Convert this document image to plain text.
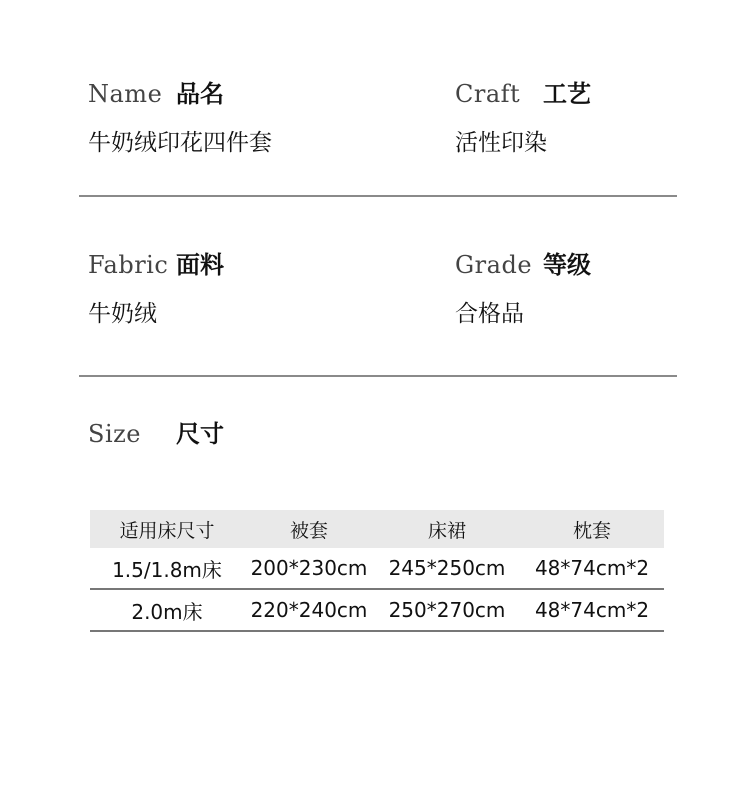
Name 品名
牛奶绒印花四件套
Craft 工艺
活性印染
Fabric 面料
牛奶绒
Grade 等级
合格品
Size	尺寸
适用床尺寸	被套	床裙	枕套
1.5/1.8m床	200*230cm	245*250cm	48*74cm*2
2.0m床	220*240cm	250*270cm	48*74cm*2
